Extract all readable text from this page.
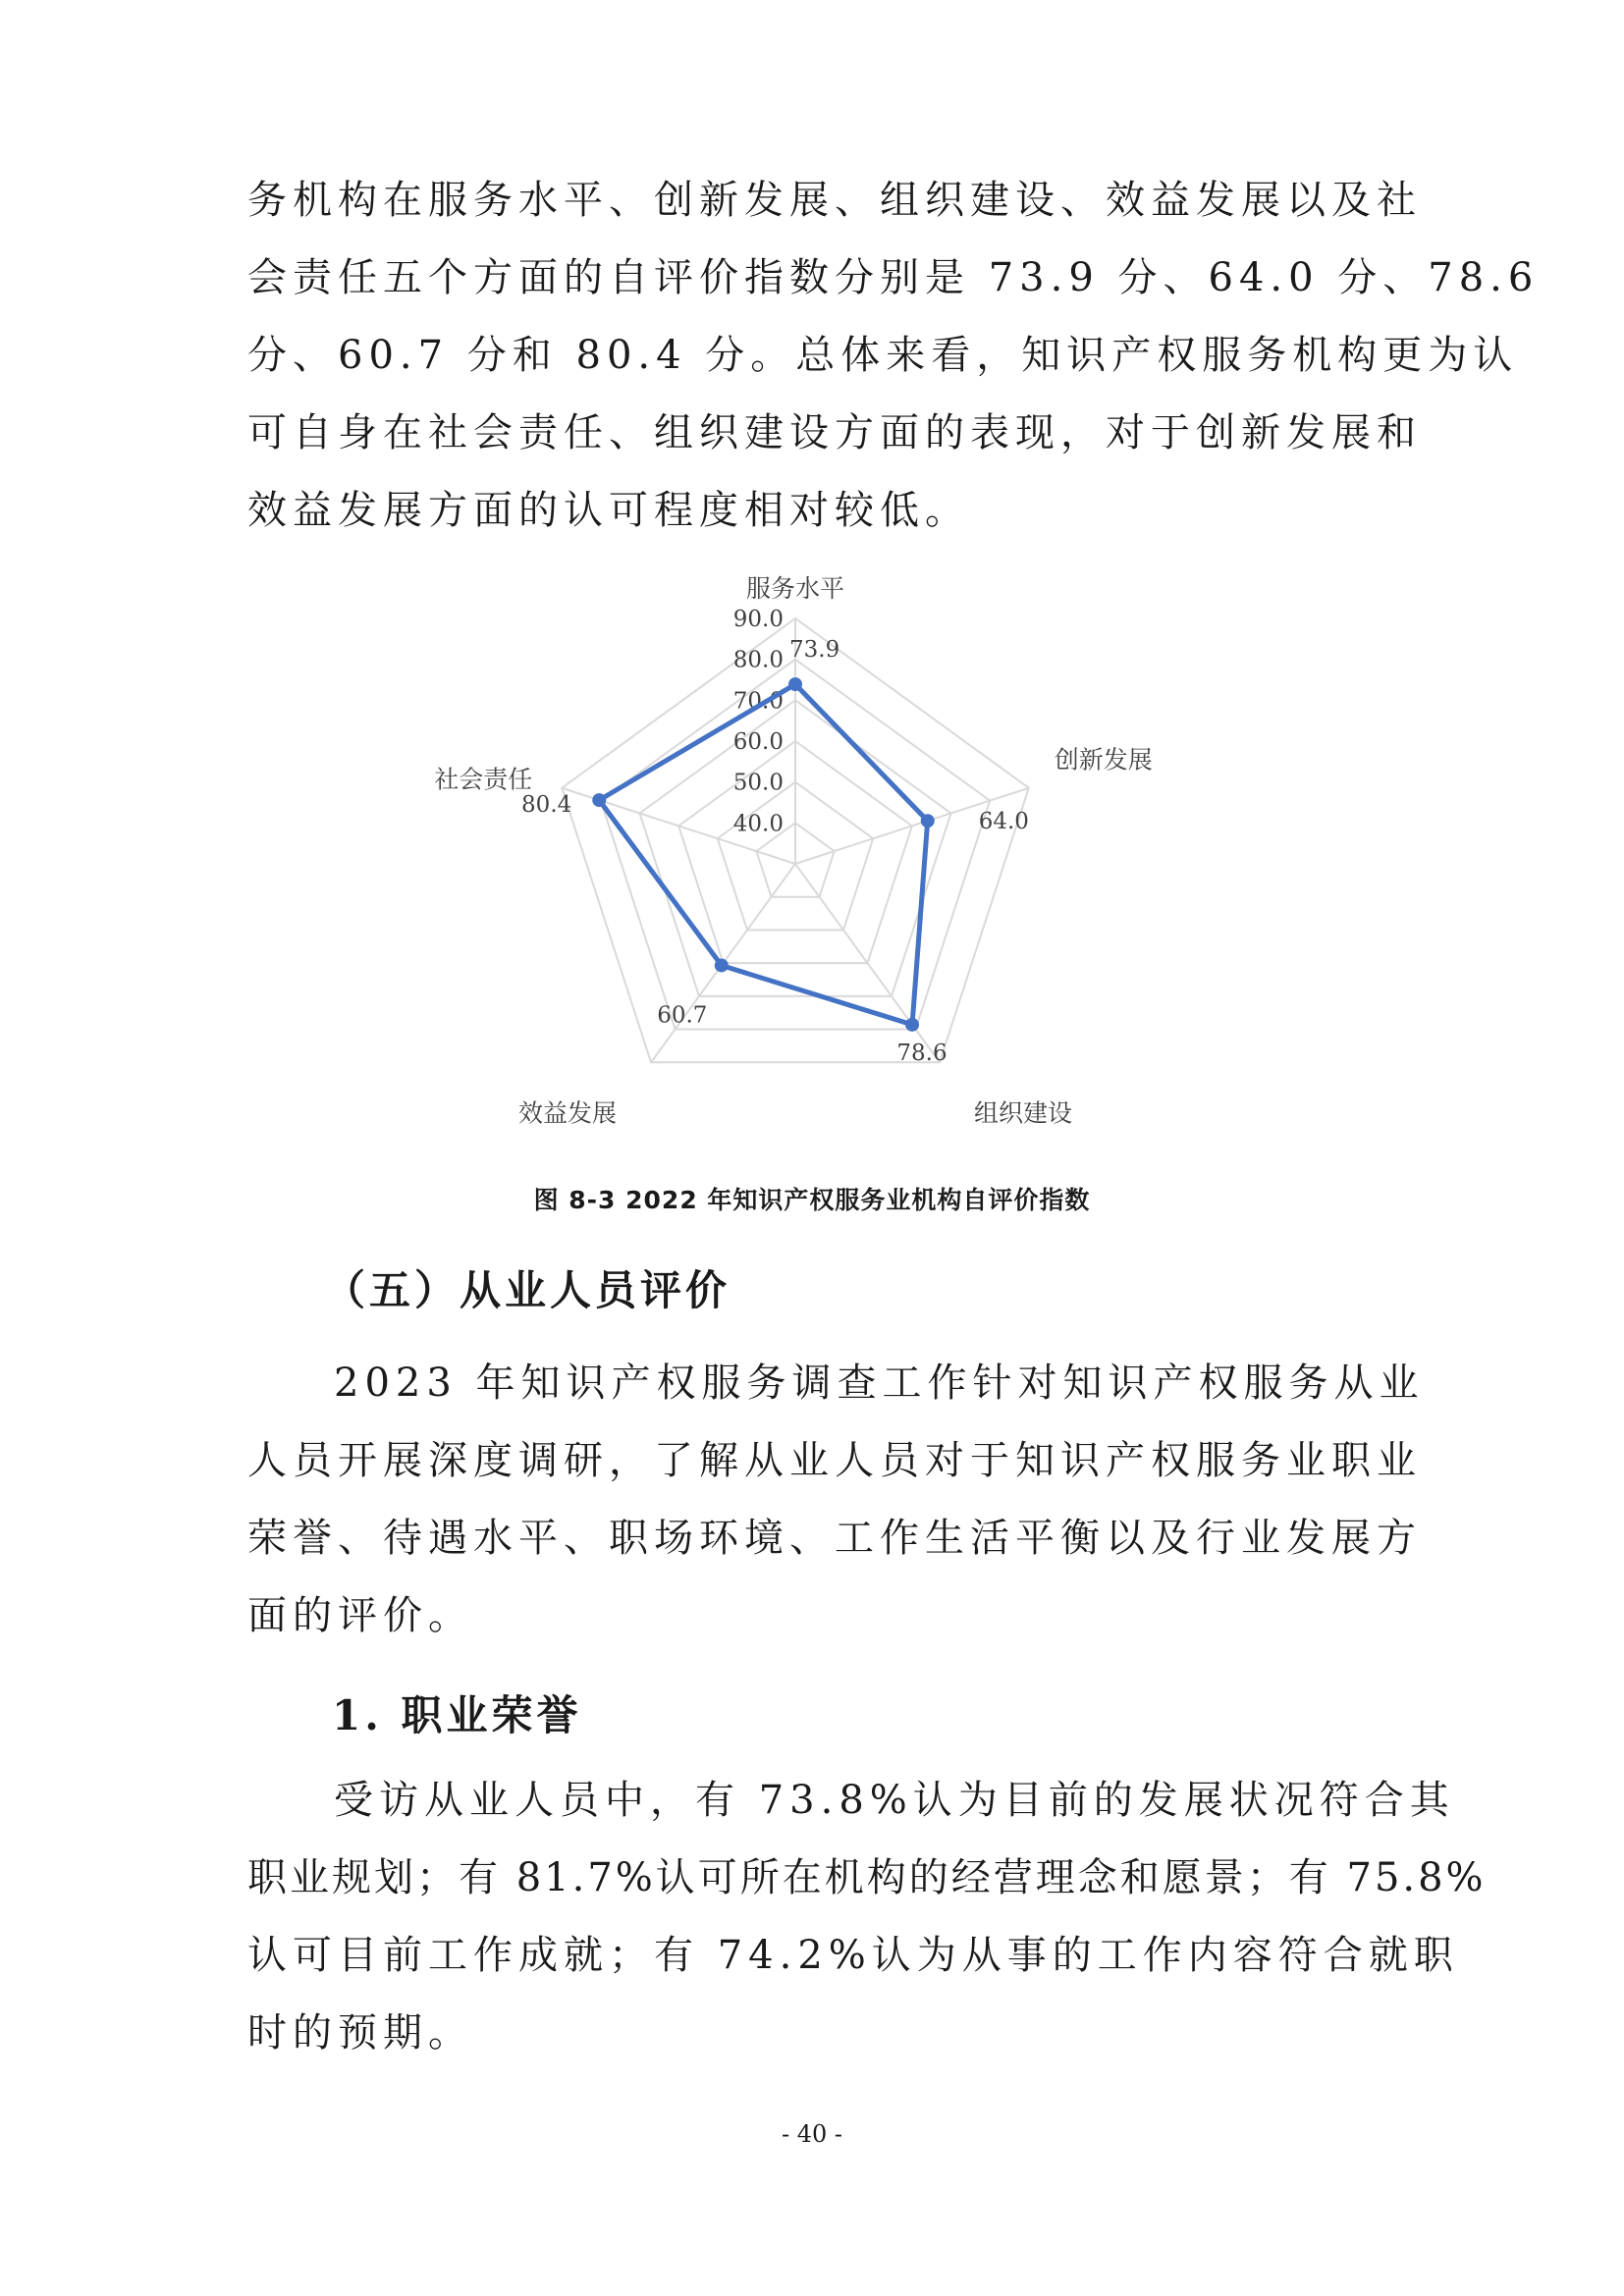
务机构在服务水平、创新发展、组织建设、效益发展以及社
会责任五个方面的自评价指数分别是 73.9 分、64.0 分、78.6
分、60.7 分和 80.4 分。总体来看，知识产权服务机构更为认
可自身在社会责任、组织建设方面的表现，对于创新发展和
效益发展方面的认可程度相对较低。
40.0
50.0
60.0
70.0
80.0
90.0
73.9
64.0
78.6
60.7
80.4
服务水平
创新发展
组织建设
效益发展
社会责任
图 8-3 2022 年知识产权服务业机构自评价指数
（五）从业人员评价
2023 年知识产权服务调查工作针对知识产权服务从业
人员开展深度调研，了解从业人员对于知识产权服务业职业
荣誉、待遇水平、职场环境、工作生活平衡以及行业发展方
面的评价。
1. 职业荣誉
受访从业人员中，有 73.8%认为目前的发展状况符合其
职业规划；有 81.7%认可所在机构的经营理念和愿景；有 75.8%
认可目前工作成就；有 74.2%认为从事的工作内容符合就职
时的预期。
- 40 -
